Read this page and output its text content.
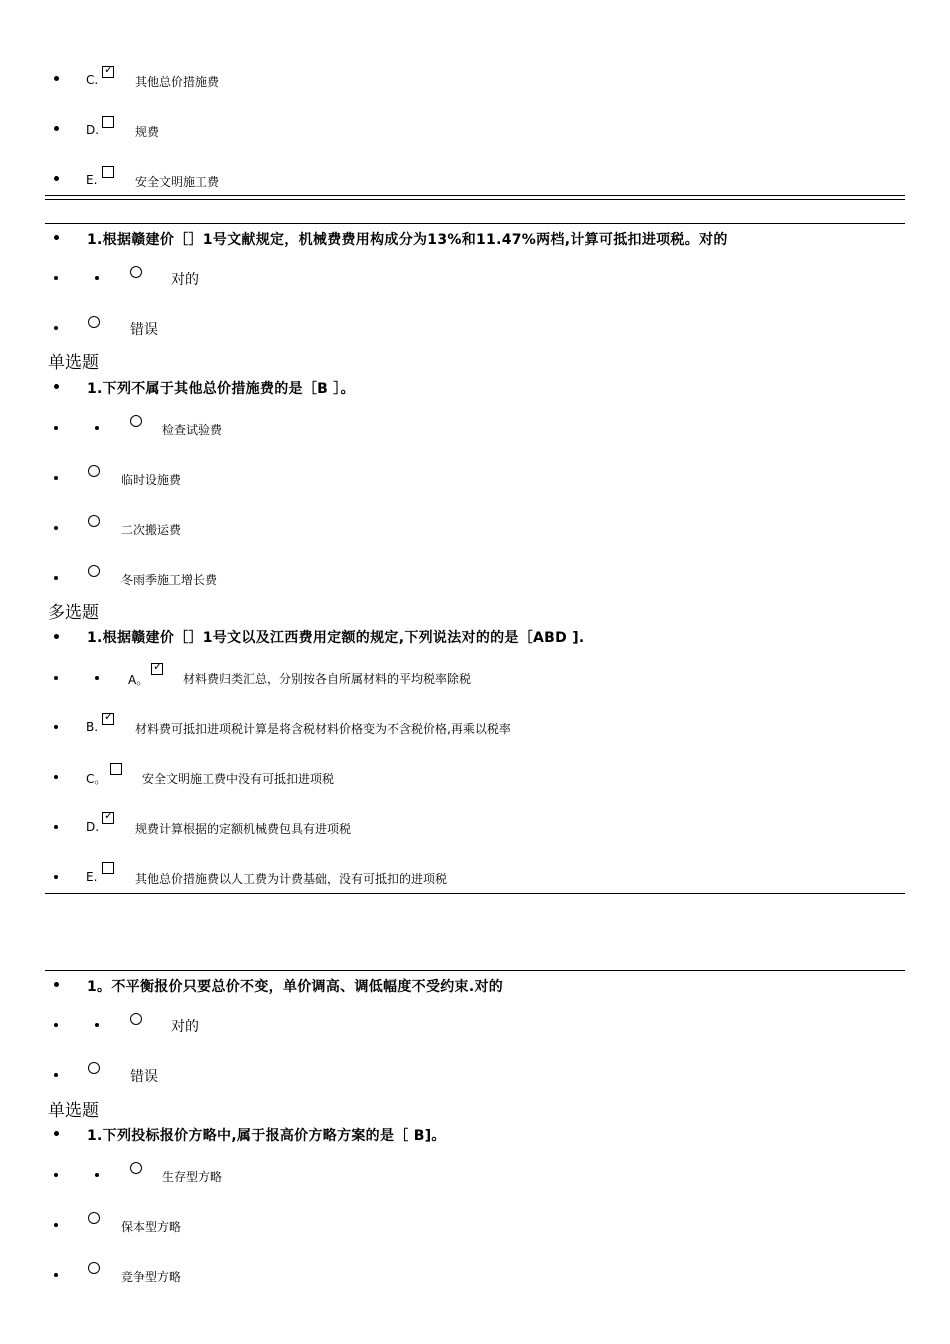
C.
✓
其他总价措施费
D.	规费
E.	安全文明施工费
1.根据赣建价［］1号文献规定，机械费费用构成分为13%和11.47%两档,计算可抵扣进项税。对的
对的
错误
单选题
1.下列不属于其他总价措施费的是［B ］。
检查试验费
临时设施费
二次搬运费
冬雨季施工增长费
多选题
1.根据赣建价［］1号文以及江西费用定额的规定,下列说法对的的是［ABD ].
A。
✓
材料费归类汇总，分别按各自所属材料的平均税率除税
B.
✓
材料费可抵扣进项税计算是将含税材料价格变为不含税价格,再乘以税率
C。	安全文明施工费中没有可抵扣进项税
D.
✓
规费计算根据的定额机械费包具有进项税
E.	其他总价措施费以人工费为计费基础，没有可抵扣的进项税
1。不平衡报价只要总价不变，单价调高、调低幅度不受约束.对的
对的
错误
单选题
1.下列投标报价方略中,属于报高价方略方案的是［ B]。
生存型方略
保本型方略
竞争型方略
